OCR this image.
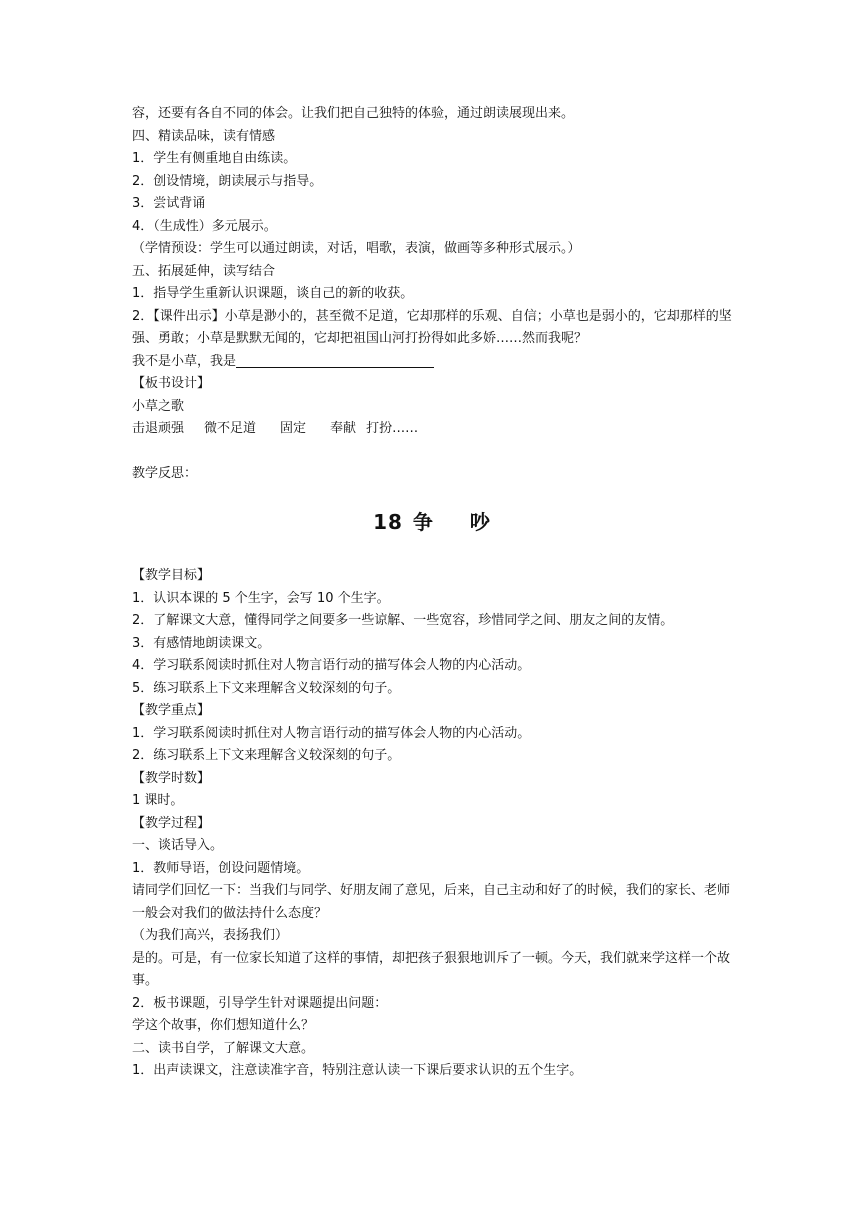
容，还要有各自不同的体会。让我们把自己独特的体验，通过朗读展现出来。
四、精读品味，读有情感
1．学生有侧重地自由练读。
2．创设情境，朗读展示与指导。
3．尝试背诵
4．（生成性）多元展示。
（学情预设：学生可以通过朗读，对话，唱歌，表演，做画等多种形式展示。）
五、拓展延伸，读写结合
1．指导学生重新认识课题，谈自己的新的收获。
2．【课件出示】小草是渺小的，甚至微不足道，它却那样的乐观、自信；小草也是弱小的，它却那样的坚强、勇敢；小草是默默无闻的，它却把祖国山河打扮得如此多娇……然而我呢？
我不是小草，我是
【板书设计】
小草之歌
击退顽强 微不足道 固定 奉献 打扮……
教学反思：
18 争 吵
【教学目标】
1．认识本课的 5 个生字，会写 10 个生字。
2．了解课文大意，懂得同学之间要多一些谅解、一些宽容，珍惜同学之间、朋友之间的友情。
3．有感情地朗读课文。
4．学习联系阅读时抓住对人物言语行动的描写体会人物的内心活动。
5．练习联系上下文来理解含义较深刻的句子。
【教学重点】
1．学习联系阅读时抓住对人物言语行动的描写体会人物的内心活动。
2．练习联系上下文来理解含义较深刻的句子。
【教学时数】
1 课时。
【教学过程】
一、谈话导入。
1．教师导语，创设问题情境。
请同学们回忆一下：当我们与同学、好朋友闹了意见，后来，自己主动和好了的时候，我们的家长、老师一般会对我们的做法持什么态度？
（为我们高兴，表扬我们）
是的。可是，有一位家长知道了这样的事情，却把孩子狠狠地训斥了一顿。今天，我们就来学这样一个故事。
2．板书课题，引导学生针对课题提出问题：
学这个故事，你们想知道什么？
二、读书自学，了解课文大意。
1．出声读课文，注意读准字音，特别注意认读一下课后要求认识的五个生字。
